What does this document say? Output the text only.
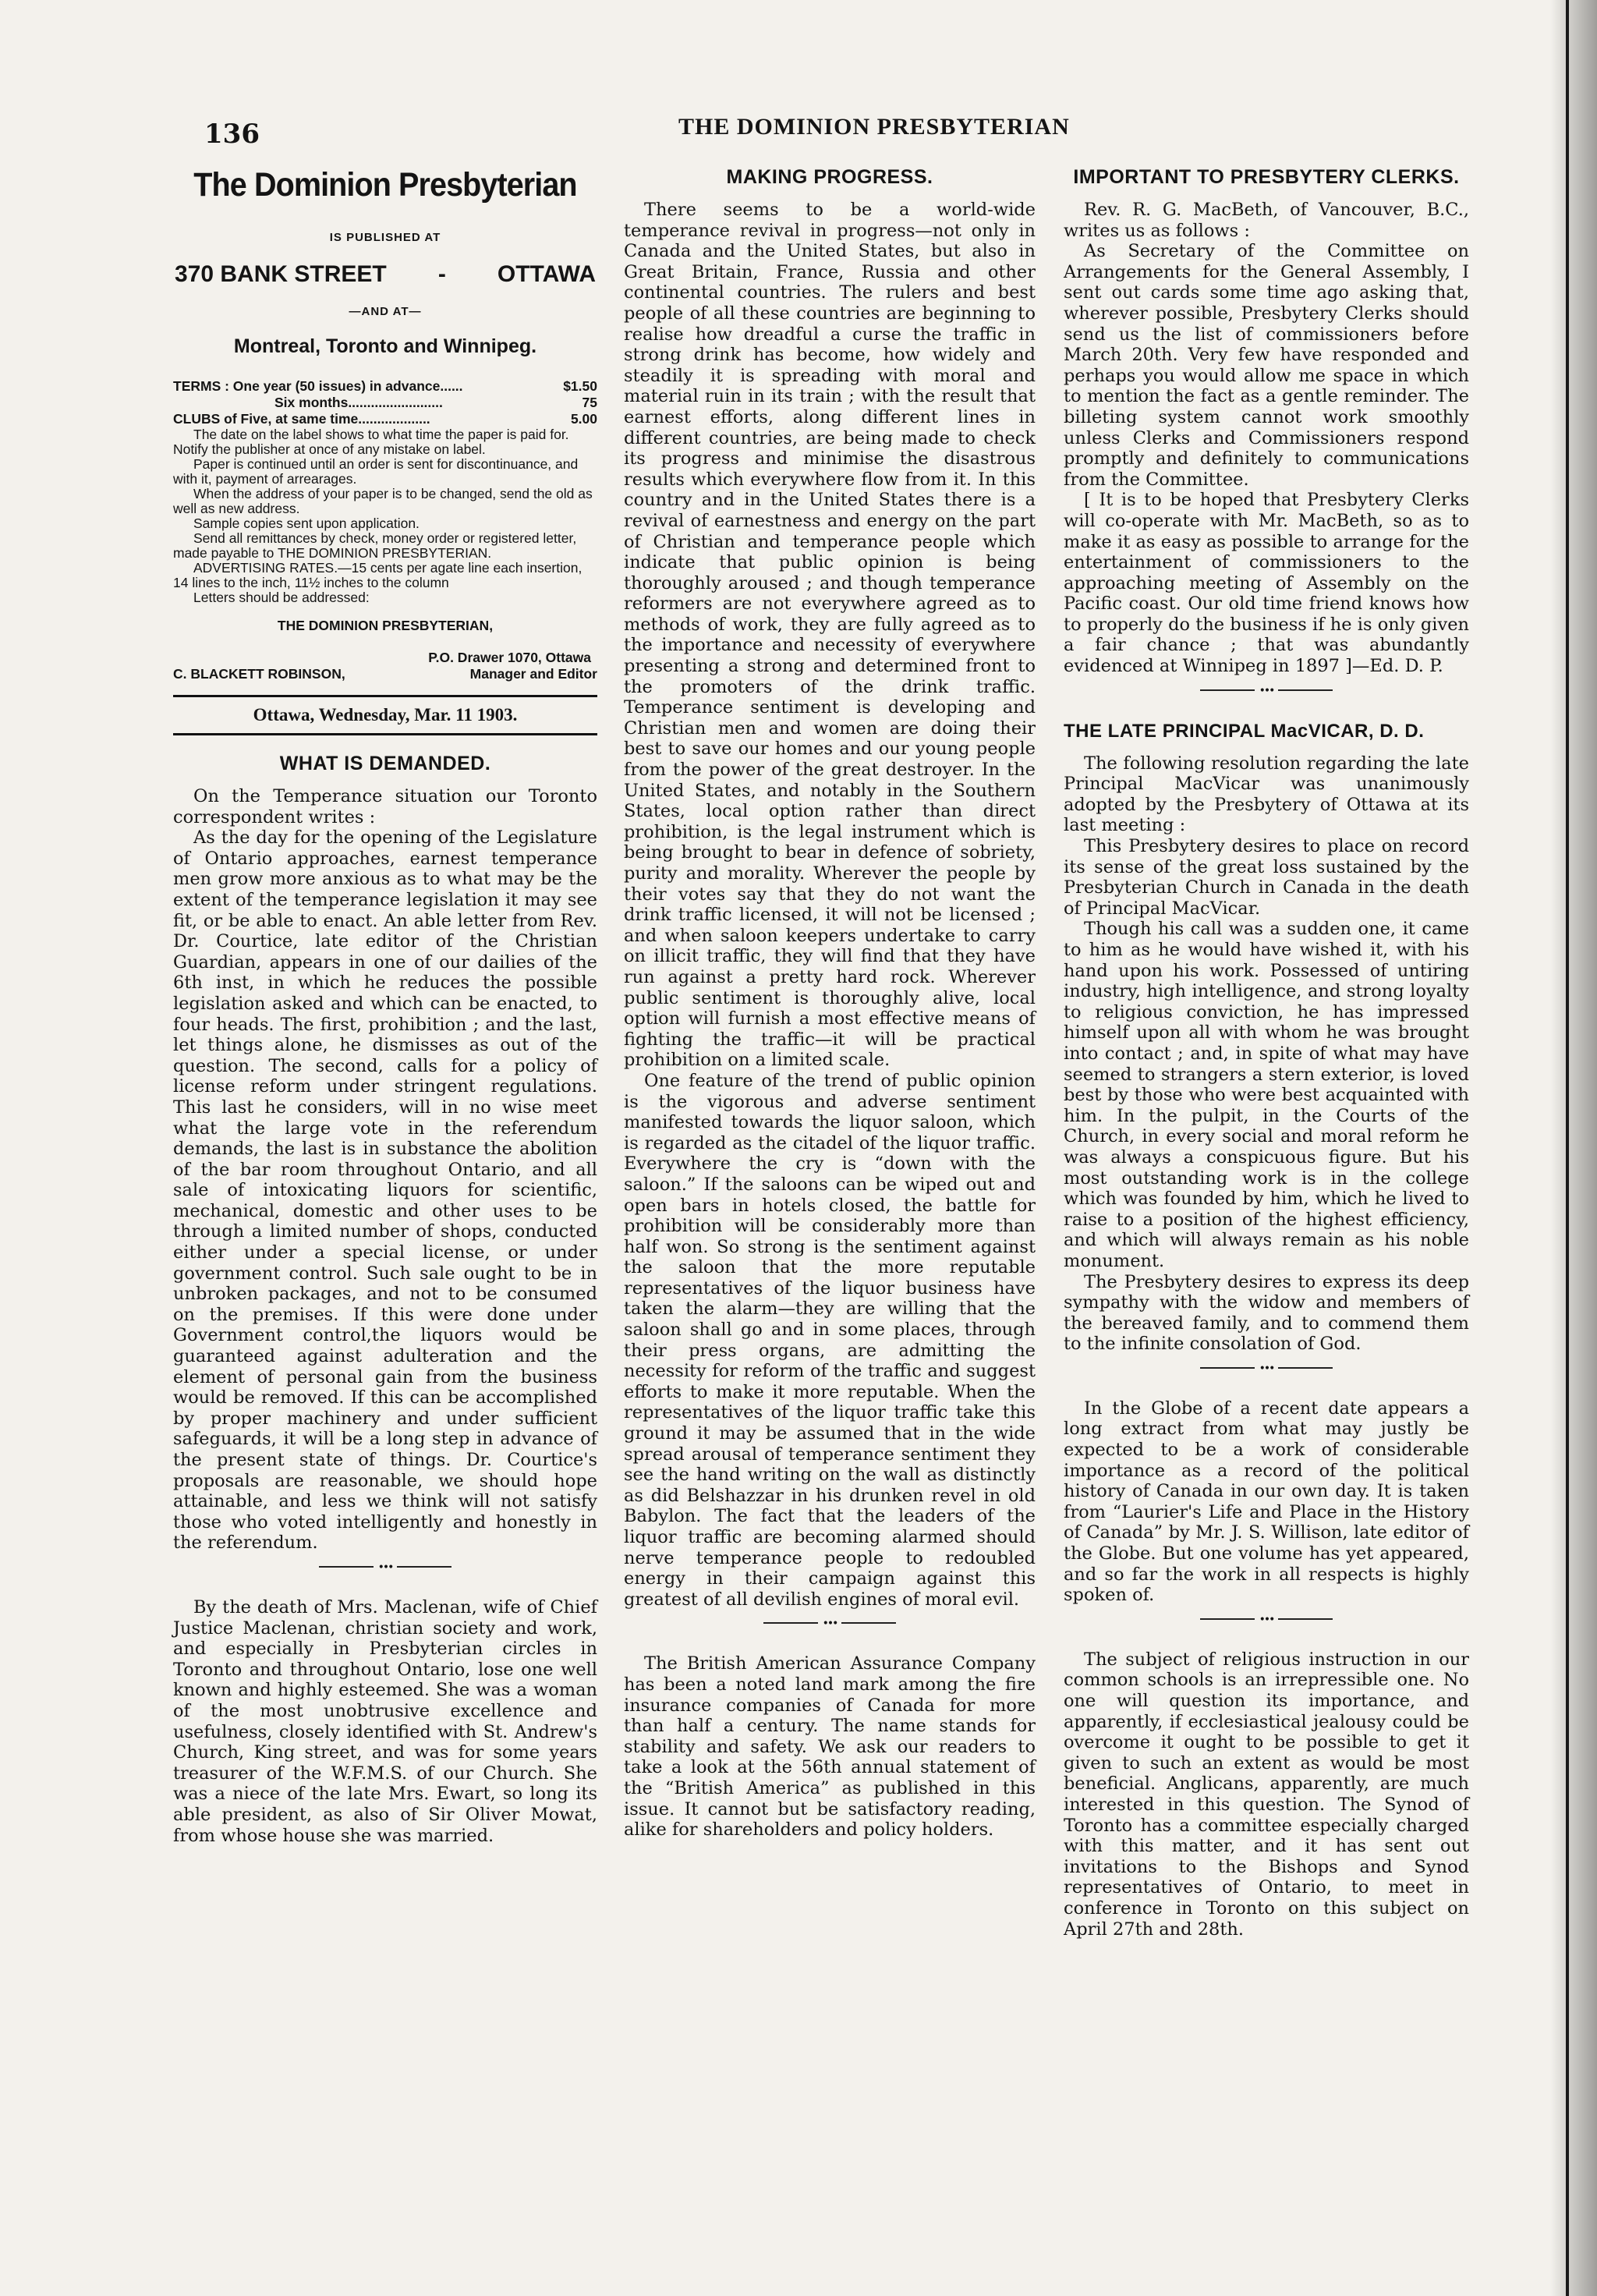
136	THE DOMINION PRESBYTERIAN

The Dominion Presbyterian
IS PUBLISHED AT
370 BANK STREET - OTTAWA
—AND AT—
Montreal, Toronto and Winnipeg.
TERMS : One year (50 issues) in advance......	$1.50
Six months.........................	75
CLUBS of Five, at same time...................	5.00

The date on the label shows to what time the paper is paid for. Notify the publisher at once of any mistake on label.

Paper is continued until an order is sent for discontinuance, and with it, payment of arrearages.

When the address of your paper is to be changed, send the old as well as new address.

Sample copies sent upon application.

Send all remittances by check, money order or registered letter, made payable to THE DOMINION PRESBYTERIAN.

ADVERTISING RATES.—15 cents per agate line each insertion, 14 lines to the inch, 11½ inches to the column

Letters should be addressed:

THE DOMINION PRESBYTERIAN,
P.O. Drawer 1070, Ottawa
C. BLACKETT ROBINSON,	Manager and Editor
Ottawa, Wednesday, Mar. 11 1903.
WHAT IS DEMANDED.

On the Temperance situation our Toronto correspondent writes :

As the day for the opening of the Legislature of Ontario approaches, earnest temperance men grow more anxious as to what may be the extent of the temperance legislation it may see fit, or be able to enact. An able letter from Rev. Dr. Courtice, late editor of the Christian Guardian, appears in one of our dailies of the 6th inst, in which he reduces the possible legislation asked and which can be enacted, to four heads. The first, prohibition ; and the last, let things alone, he dismisses as out of the question. The second, calls for a policy of license reform under stringent regulations. This last he considers, will in no wise meet what the large vote in the referendum demands, the last is in substance the abolition of the bar room throughout Ontario, and all sale of intoxicating liquors for scientific, mechanical, domestic and other uses to be through a limited number of shops, conducted either under a special license, or under government control. Such sale ought to be in unbroken packages, and not to be consumed on the premises. If this were done under Government control,the liquors would be guaranteed against adulteration and the element of personal gain from the business would be removed. If this can be accomplished by proper machinery and under sufficient safeguards, it will be a long step in advance of the present state of things. Dr. Courtice's proposals are reasonable, we should hope attainable, and less we think will not satisfy those who voted intelligently and honestly in the referendum.

•••

By the death of Mrs. Maclenan, wife of Chief Justice Maclenan, christian society and work, and especially in Presbyterian circles in Toronto and throughout Ontario, lose one well known and highly esteemed. She was a woman of the most unobtrusive excellence and usefulness, closely identified with St. Andrew's Church, King street, and was for some years treasurer of the W.F.M.S. of our Church. She was a niece of the late Mrs. Ewart, so long its able president, as also of Sir Oliver Mowat, from whose house she was married.

MAKING PROGRESS.

There seems to be a world-wide temperance revival in progress—not only in Canada and the United States, but also in Great Britain, France, Russia and other continental countries. The rulers and best people of all these countries are beginning to realise how dreadful a curse the traffic in strong drink has become, how widely and steadily it is spreading with moral and material ruin in its train ; with the result that earnest efforts, along different lines in different countries, are being made to check its progress and minimise the disastrous results which everywhere flow from it. In this country and in the United States there is a revival of earnestness and energy on the part of Christian and temperance people which indicate that public opinion is being thoroughly aroused ; and though temperance reformers are not everywhere agreed as to methods of work, they are fully agreed as to the importance and necessity of everywhere presenting a strong and determined front to the promoters of the drink traffic. Temperance sentiment is developing and Christian men and women are doing their best to save our homes and our young people from the power of the great destroyer. In the United States, and notably in the Southern States, local option rather than direct prohibition, is the legal instrument which is being brought to bear in defence of sobriety, purity and morality. Wherever the people by their votes say that they do not want the drink traffic licensed, it will not be licensed ; and when saloon keepers undertake to carry on illicit traffic, they will find that they have run against a pretty hard rock. Wherever public sentiment is thoroughly alive, local option will furnish a most effective means of fighting the traffic—it will be practical prohibition on a limited scale.

One feature of the trend of public opinion is the vigorous and adverse sentiment manifested towards the liquor saloon, which is regarded as the citadel of the liquor traffic. Everywhere the cry is “down with the saloon.” If the saloons can be wiped out and open bars in hotels closed, the battle for prohibition will be considerably more than half won. So strong is the sentiment against the saloon that the more reputable representatives of the liquor business have taken the alarm—they are willing that the saloon shall go and in some places, through their press organs, are admitting the necessity for reform of the traffic and suggest efforts to make it more reputable. When the representatives of the liquor traffic take this ground it may be assumed that in the wide spread arousal of temperance sentiment they see the hand writing on the wall as distinctly as did Belshazzar in his drunken revel in old Babylon. The fact that the leaders of the liquor traffic are becoming alarmed should nerve temperance people to redoubled energy in their campaign against this greatest of all devilish engines of moral evil.

•••

The British American Assurance Company has been a noted land mark among the fire insurance companies of Canada for more than half a century. The name stands for stability and safety. We ask our readers to take a look at the 56th annual statement of the “British America” as published in this issue. It cannot but be satisfactory reading, alike for shareholders and policy holders.

IMPORTANT TO PRESBYTERY CLERKS.

Rev. R. G. MacBeth, of Vancouver, B.C., writes us as follows :

As Secretary of the Committee on Arrangements for the General Assembly, I sent out cards some time ago asking that, wherever possible, Presbytery Clerks should send us the list of commissioners before March 20th. Very few have responded and perhaps you would allow me space in which to mention the fact as a gentle reminder. The billeting system cannot work smoothly unless Clerks and Commissioners respond promptly and definitely to communications from the Committee.

[ It is to be hoped that Presbytery Clerks will co-operate with Mr. MacBeth, so as to make it as easy as possible to arrange for the entertainment of commissioners to the approaching meeting of Assembly on the Pacific coast. Our old time friend knows how to properly do the business if he is only given a fair chance ; that was abundantly evidenced at Winnipeg in 1897 ]—Ed. D. P.

•••
THE LATE PRINCIPAL MacVICAR, D. D.

The following resolution regarding the late Principal MacVicar was unanimously adopted by the Presbytery of Ottawa at its last meeting :

This Presbytery desires to place on record its sense of the great loss sustained by the Presbyterian Church in Canada in the death of Principal MacVicar.

Though his call was a sudden one, it came to him as he would have wished it, with his hand upon his work. Possessed of untiring industry, high intelligence, and strong loyalty to religious conviction, he has impressed himself upon all with whom he was brought into contact ; and, in spite of what may have seemed to strangers a stern exterior, is loved best by those who were best acquainted with him. In the pulpit, in the Courts of the Church, in every social and moral reform he was always a conspicuous figure. But his most outstanding work is in the college which was founded by him, which he lived to raise to a position of the highest efficiency, and which will always remain as his noble monument.

The Presbytery desires to express its deep sympathy with the widow and members of the bereaved family, and to commend them to the infinite consolation of God.

•••

In the Globe of a recent date appears a long extract from what may justly be expected to be a work of considerable importance as a record of the political history of Canada in our own day. It is taken from “Laurier's Life and Place in the History of Canada” by Mr. J. S. Willison, late editor of the Globe. But one volume has yet appeared, and so far the work in all respects is highly spoken of.

•••

The subject of religious instruction in our common schools is an irrepressible one. No one will question its importance, and apparently, if ecclesiastical jealousy could be overcome it ought to be possible to get it given to such an extent as would be most beneficial. Anglicans, apparently, are much interested in this question. The Synod of Toronto has a committee especially charged with this matter, and it has sent out invitations to the Bishops and Synod representatives of Ontario, to meet in conference in Toronto on this subject on April 27th and 28th.
